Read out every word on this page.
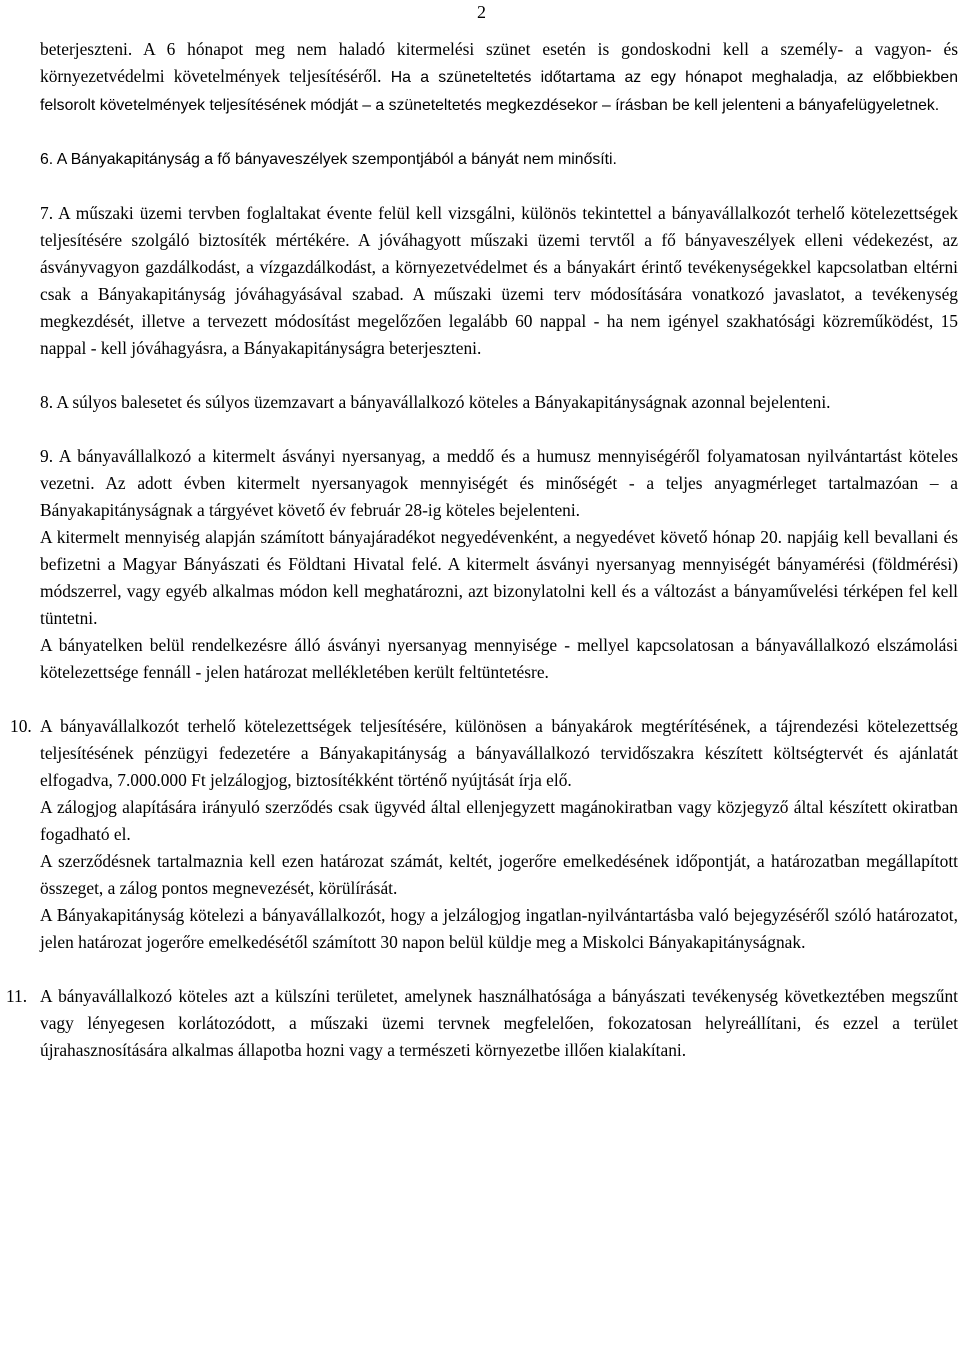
2

beterjeszteni. A 6 hónapot meg nem haladó kitermelési szünet esetén is gondoskodni kell a személy- a vagyon- és környezetvédelmi követelmények teljesítéséről. Ha a szüneteltetés időtartama az egy hónapot meghaladja, az előbbiekben felsorolt követelmények teljesítésének módját – a szüneteltetés megkezdésekor – írásban be kell jelenteni a bányafelügyeletnek.

6. A Bányakapitányság a fő bányaveszélyek szempontjából a bányát nem minősíti.

7. A műszaki üzemi tervben foglaltakat évente felül kell vizsgálni, különös tekintettel a bányavállalkozót terhelő kötelezettségek teljesítésére szolgáló biztosíték mértékére. A jóváhagyott műszaki üzemi tervtől a fő bányaveszélyek elleni védekezést, az ásványvagyon gazdálkodást, a vízgazdálkodást, a környezetvédelmet és a bányakárt érintő tevékenységekkel kapcsolatban eltérni csak a Bányakapitányság jóváhagyásával szabad. A műszaki üzemi terv módosítására vonatkozó javaslatot, a tevékenység megkezdését, illetve a tervezett módosítást megelőzően legalább 60 nappal - ha nem igényel szakhatósági közreműködést, 15 nappal - kell jóváhagyásra, a Bányakapitányságra beterjeszteni.

8. A súlyos balesetet és súlyos üzemzavart a bányavállalkozó köteles a Bányakapitányságnak azonnal bejelenteni.

9. A bányavállalkozó a kitermelt ásványi nyersanyag, a meddő és a humusz mennyiségéről folyamatosan nyilvántartást köteles vezetni. Az adott évben kitermelt nyersanyagok mennyiségét és minőségét - a teljes anyagmérleget tartalmazóan – a Bányakapitányságnak a tárgyévet követő év február 28-ig köteles bejelenteni.

A kitermelt mennyiség alapján számított bányajáradékot negyedévenként, a negyedévet követő hónap 20. napjáig kell bevallani és befizetni a Magyar Bányászati és Földtani Hivatal felé. A kitermelt ásványi nyersanyag mennyiségét bányamérési (földmérési) módszerrel, vagy egyéb alkalmas módon kell meghatározni, azt bizonylatolni kell és a változást a bányaművelési térképen fel kell tüntetni.

A bányatelken belül rendelkezésre álló ásványi nyersanyag mennyisége - mellyel kapcsolatosan a bányavállalkozó elszámolási kötelezettsége fennáll - jelen határozat mellékletében került feltüntetésre.

10. A bányavállalkozót terhelő kötelezettségek teljesítésére, különösen a bányakárok megtérítésének, a tájrendezési kötelezettség teljesítésének pénzügyi fedezetére a Bányakapitányság a bányavállalkozó tervidőszakra készített költségtervét és ajánlatát elfogadva, 7.000.000 Ft jelzálogjog, biztosítékként történő nyújtását írja elő.

A zálogjog alapítására irányuló szerződés csak ügyvéd által ellenjegyzett magánokiratban vagy közjegyző által készített okiratban fogadható el.

A szerződésnek tartalmaznia kell ezen határozat számát, keltét, jogerőre emelkedésének időpontját, a határozatban megállapított összeget, a zálog pontos megnevezését, körülírását.

A Bányakapitányság kötelezi a bányavállalkozót, hogy a jelzálogjog ingatlan-nyilvántartásba való bejegyzéséről szóló határozatot, jelen határozat jogerőre emelkedésétől számított 30 napon belül küldje meg a Miskolci Bányakapitányságnak.

11. A bányavállalkozó köteles azt a külszíni területet, amelynek használhatósága a bányászati tevékenység következtében megszűnt vagy lényegesen korlátozódott, a műszaki üzemi tervnek megfelelően, fokozatosan helyreállítani, és ezzel a terület újrahasznosítására alkalmas állapotba hozni vagy a természeti környezetbe illően kialakítani.
